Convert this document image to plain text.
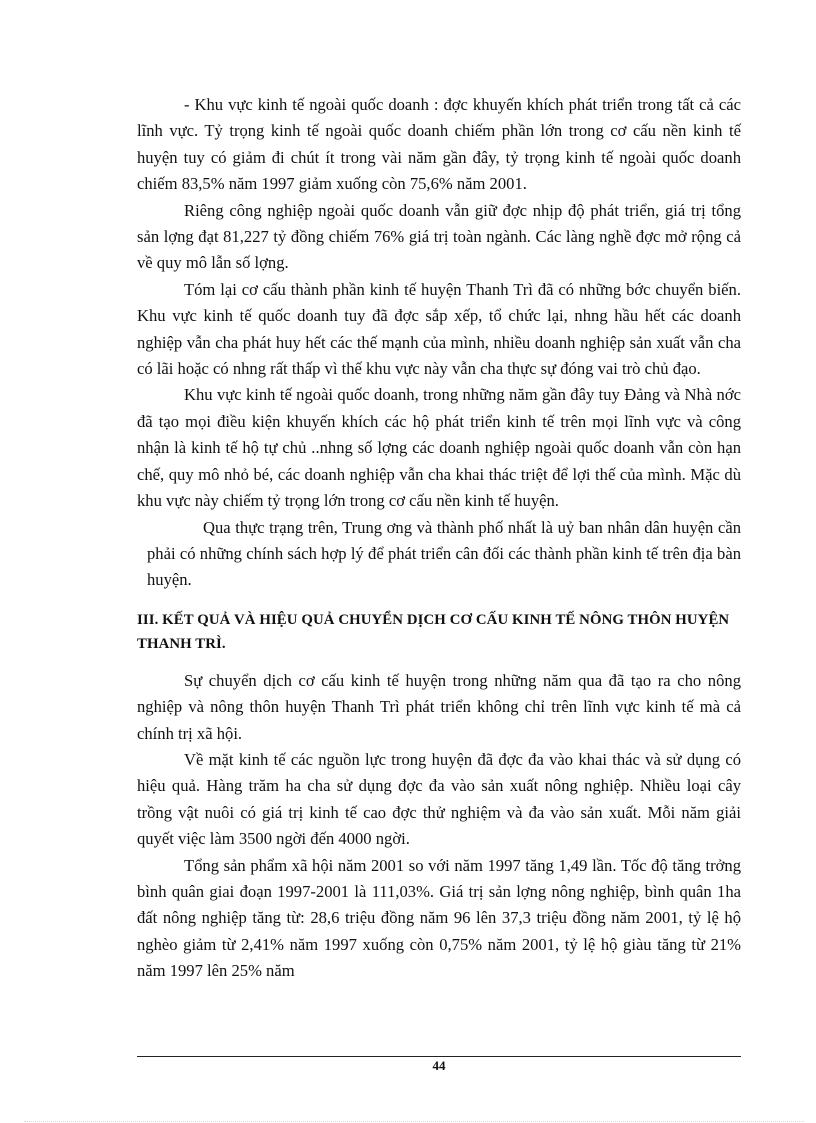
- Khu vực kinh tế ngoài quốc doanh : đợc khuyến khích phát triển trong tất cả các lĩnh vực. Tỷ trọng kinh tế ngoài quốc doanh chiếm phần lớn trong cơ cấu nền kinh tế huyện tuy có giảm đi chút ít trong vài năm gần đây, tỷ trọng kinh tế ngoài quốc doanh chiếm 83,5% năm 1997 giảm xuống còn 75,6% năm 2001.

Riêng công nghiệp ngoài quốc doanh vẫn giữ đợc nhịp độ phát triển, giá trị tổng sản lợng đạt 81,227 tỷ đồng chiếm 76% giá trị toàn ngành. Các làng nghề đợc mở rộng cả về quy mô lẫn số lợng.

Tóm lại cơ cấu thành phần kinh tế huyện Thanh Trì đã có những bớc chuyển biến. Khu vực kinh tế quốc doanh tuy đã đợc sắp xếp, tổ chức lại, nhng hầu hết các doanh nghiệp vẫn cha phát huy hết các thế mạnh của mình, nhiều doanh nghiệp sản xuất vẫn cha có lãi hoặc có nhng rất thấp vì thế khu vực này vẫn cha thực sự đóng vai trò chủ đạo.

Khu vực kinh tế ngoài quốc doanh, trong những năm gần đây tuy Đảng và Nhà nớc đã tạo mọi điều kiện khuyến khích các hộ phát triển kinh tế trên mọi lĩnh vực và công nhận là kinh tế hộ tự chủ ..nhng số lợng các doanh nghiệp ngoài quốc doanh vẫn còn hạn chế, quy mô nhỏ bé, các doanh nghiệp vẫn cha khai thác triệt để lợi thế của mình. Mặc dù khu vực này chiếm tỷ trọng lớn trong cơ cấu nền kinh tế huyện.

Qua thực trạng trên, Trung ơng và thành phố nhất là uỷ ban nhân dân huyện cần phải có những chính sách hợp lý để phát triển cân đối các thành phần kinh tế trên địa bàn huyện.

III. KẾT QUẢ VÀ HIỆU QUẢ CHUYỂN DỊCH CƠ CẤU KINH TẾ NÔNG THÔN HUYỆN THANH TRÌ.

Sự chuyển dịch cơ cấu kinh tế huyện trong những năm qua đã tạo ra cho nông nghiệp và nông thôn huyện Thanh Trì phát triển không chỉ trên lĩnh vực kinh tế mà cả chính trị xã hội.

Về mặt kinh tế các nguồn lực trong huyện đã đợc đa vào khai thác và sử dụng có hiệu quả. Hàng trăm ha cha sử dụng đợc đa vào sản xuất nông nghiệp. Nhiều loại cây trồng vật nuôi có giá trị kinh tế cao đợc thử nghiệm và đa vào sản xuất. Mỗi năm giải quyết việc làm 3500 ngời đến 4000 ngời.

Tổng sản phẩm xã hội năm 2001 so với năm 1997 tăng 1,49 lần. Tốc độ tăng trởng bình quân giai đoạn 1997-2001 là 111,03%. Giá trị sản lợng nông nghiệp, bình quân 1ha đất nông nghiệp tăng từ: 28,6 triệu đồng năm 96 lên 37,3 triệu đồng năm 2001, tỷ lệ hộ nghèo giảm từ 2,41% năm 1997 xuống còn 0,75% năm 2001, tỷ lệ hộ giàu tăng từ 21% năm 1997 lên 25% năm

44
